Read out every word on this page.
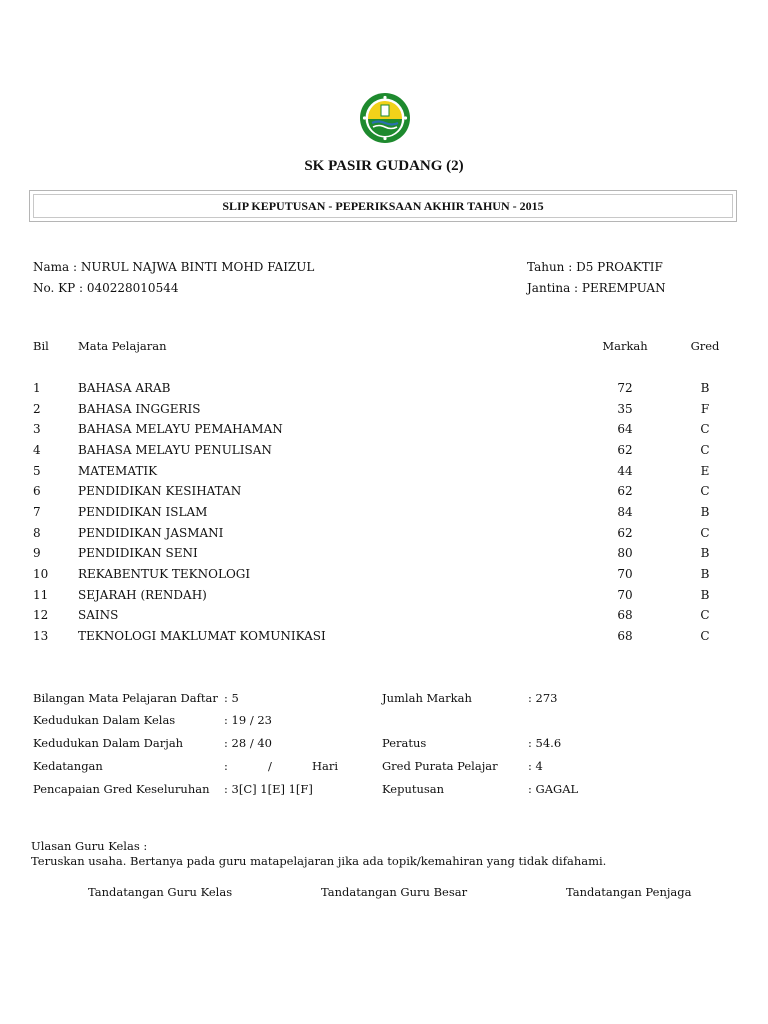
SK PASIR GUDANG (2)
SLIP KEPUTUSAN - PEPERIKSAAN AKHIR TAHUN - 2015
Nama : NURUL NAJWA BINTI MOHD FAIZUL
No. KP : 040228010544
Tahun : D5 PROAKTIF
Jantina : PEREMPUAN
Bil	Mata Pelajaran	Markah	Gred
1	BAHASA ARAB	72	B
2	BAHASA INGGERIS	35	F
3	BAHASA MELAYU PEMAHAMAN	64	C
4	BAHASA MELAYU PENULISAN	62	C
5	MATEMATIK	44	E
6	PENDIDIKAN KESIHATAN	62	C
7	PENDIDIKAN ISLAM	84	B
8	PENDIDIKAN JASMANI	62	C
9	PENDIDIKAN SENI	80	B
10 REKABENTUK TEKNOLOGI	70	B
11 SEJARAH (RENDAH)	70	B
12 SAINS	68	C
13 TEKNOLOGI MAKLUMAT KOMUNIKASI	68	C
Bilangan Mata Pelajaran Daftar : 5	Jumlah Markah	: 273
Kedudukan Dalam Kelas	: 19 / 23
Kedudukan Dalam Darjah	: 28 / 40	Peratus	: 54.6
Kedatangan	:	/	Hari	Gred Purata Pelajar	: 4
Pencapaian Gred Keseluruhan : 3[C] 1[E] 1[F]	Keputusan	: GAGAL
Ulasan Guru Kelas :
Teruskan usaha. Bertanya pada guru matapelajaran jika ada topik/kemahiran yang tidak difahami.
Tandatangan Guru Kelas	Tandatangan Guru Besar	Tandatangan Penjaga
